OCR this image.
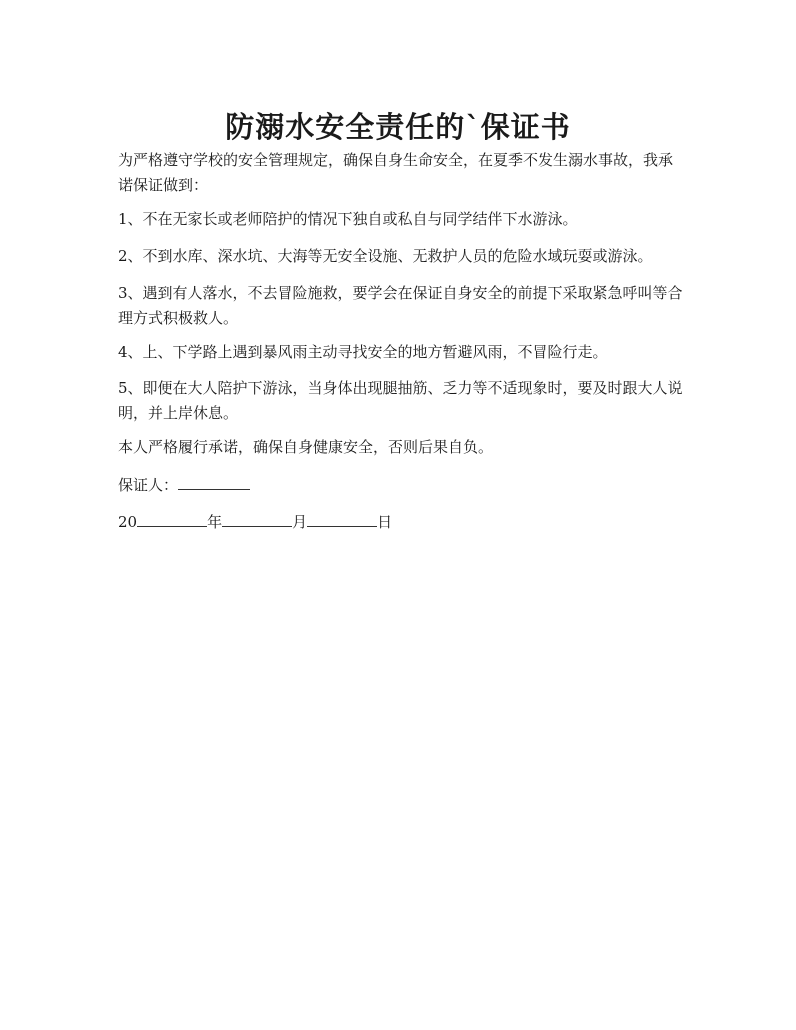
防溺水安全责任的`保证书

为严格遵守学校的安全管理规定，确保自身生命安全，在夏季不发生溺水事故，我承诺保证做到：

1、不在无家长或老师陪护的情况下独自或私自与同学结伴下水游泳。

2、不到水库、深水坑、大海等无安全设施、无救护人员的危险水域玩耍或游泳。

3、遇到有人落水，不去冒险施救，要学会在保证自身安全的前提下采取紧急呼叫等合理方式积极救人。

4、上、下学路上遇到暴风雨主动寻找安全的地方暂避风雨，不冒险行走。

5、即便在大人陪护下游泳，当身体出现腿抽筋、乏力等不适现象时，要及时跟大人说明，并上岸休息。

本人严格履行承诺，确保自身健康安全，否则后果自负。

保证人：

20	年	月	日
